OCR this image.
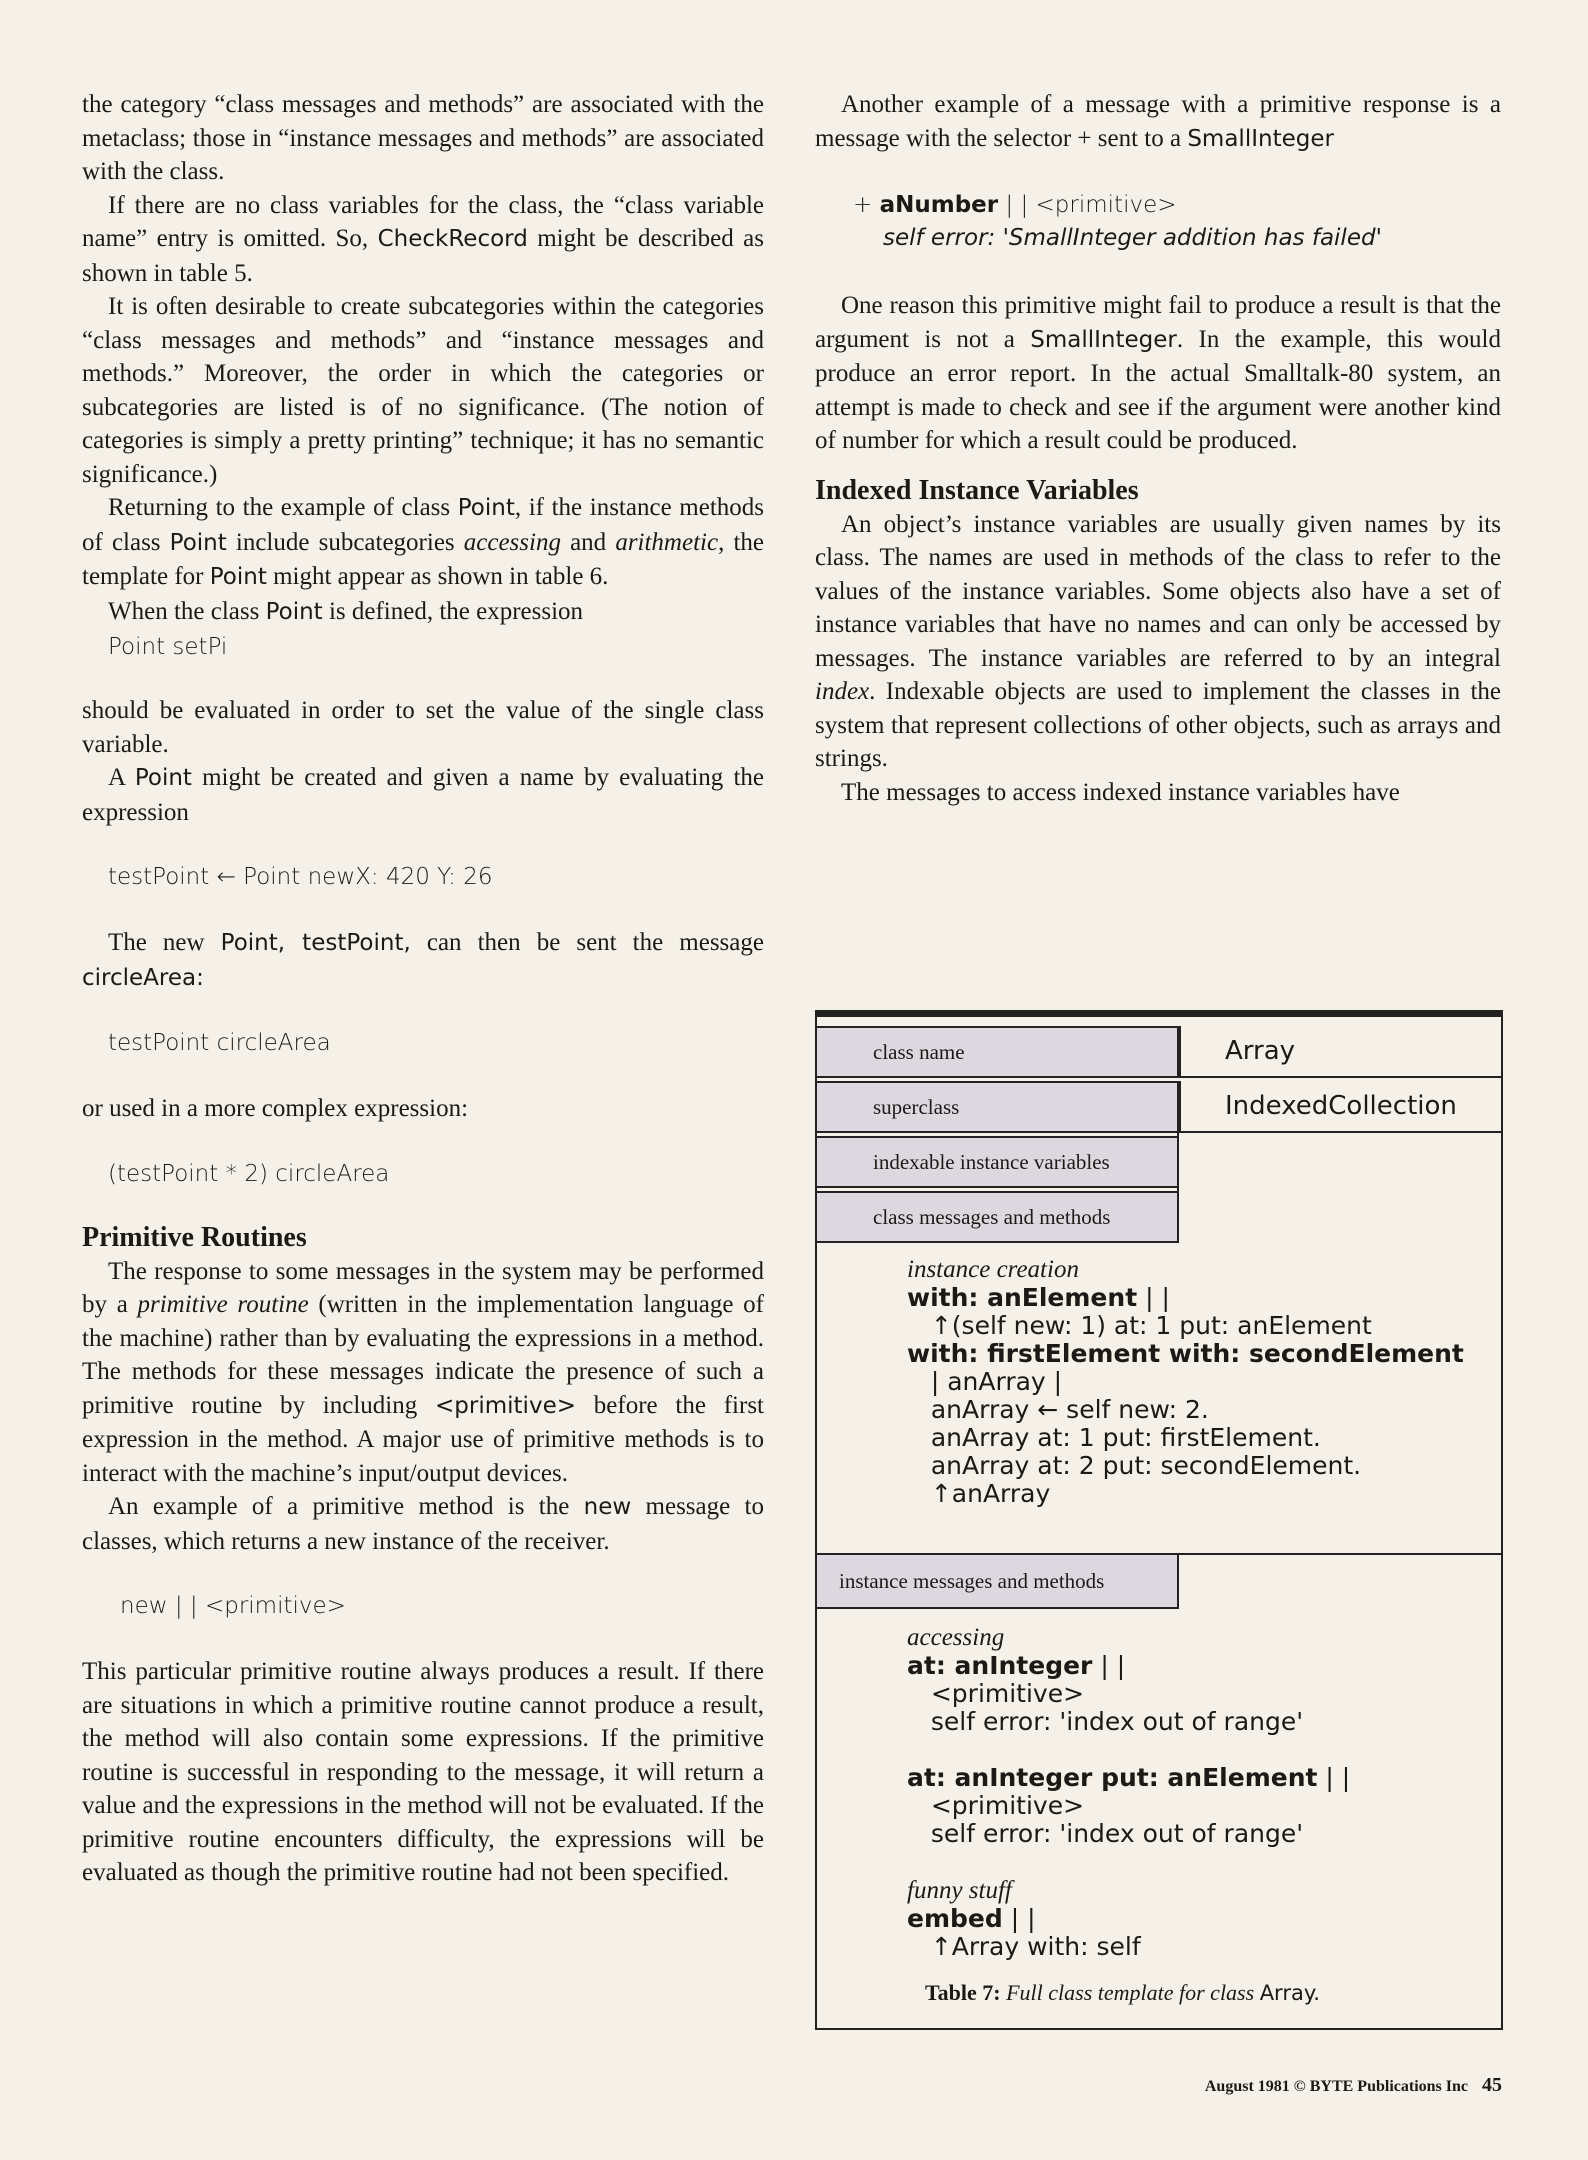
the category “class messages and methods” are associated with the metaclass; those in “instance messages and methods” are associated with the class.

If there are no class variables for the class, the “class variable name” entry is omitted. So, CheckRecord might be described as shown in table 5.

It is often desirable to create subcategories within the categories “class messages and methods” and “instance messages and methods.” Moreover, the order in which the categories or subcategories are listed is of no significance. (The notion of categories is simply a pretty printing” technique; it has no semantic significance.)

Returning to the example of class Point, if the instance methods of class Point include subcategories accessing and arithmetic, the template for Point might appear as shown in table 6.

When the class Point is defined, the expression

Point setPi

should be evaluated in order to set the value of the single class variable.

A Point might be created and given a name by evaluating the expression

testPoint ← Point newX: 420 Y: 26

The new Point, testPoint, can then be sent the message circleArea:

testPoint circleArea

or used in a more complex expression:

(testPoint * 2) circleArea
Primitive Routines

The response to some messages in the system may be performed by a primitive routine (written in the implementation language of the machine) rather than by evaluating the expressions in a method. The methods for these messages indicate the presence of such a primitive routine by including <primitive> before the first expression in the method. A major use of primitive methods is to interact with the machine’s input/output devices.

An example of a primitive method is the new message to classes, which returns a new instance of the receiver.

new | | <primitive>

This particular primitive routine always produces a result. If there are situations in which a primitive routine cannot produce a result, the method will also contain some expressions. If the primitive routine is successful in responding to the message, it will return a value and the expressions in the method will not be evaluated. If the primitive routine encounters difficulty, the expressions will be evaluated as though the primitive routine had not been specified.

Another example of a message with a primitive response is a message with the selector + sent to a SmallInteger

+ aNumber | | <primitive>
self error: 'SmallInteger addition has failed'

One reason this primitive might fail to produce a result is that the argument is not a SmallInteger. In the example, this would produce an error report. In the actual Smalltalk-80 system, an attempt is made to check and see if the argument were another kind of number for which a result could be produced.

Indexed Instance Variables

An object’s instance variables are usually given names by its class. The names are used in methods of the class to refer to the values of the instance variables. Some objects also have a set of instance variables that have no names and can only be accessed by messages. The instance variables are referred to by an integral index. Indexable objects are used to implement the classes in the system that represent collections of other objects, such as arrays and strings.

The messages to access indexed instance variables have

class name	Array
superclass	IndexedCollection
indexable instance variables
class messages and methods
instance creation
with: anElement | |
↑(self new: 1) at: 1 put: anElement
with: firstElement with: secondElement
| anArray |
anArray ← self new: 2.
anArray at: 1 put: firstElement.
anArray at: 2 put: secondElement.
↑anArray
instance messages and methods
accessing
at: anInteger | |
<primitive>
self error: 'index out of range'

at: anInteger put: anElement | |
<primitive>
self error: 'index out of range'

funny stuff
embed | |
↑Array with: self
Table 7: Full class template for class Array.
August 1981 © BYTE Publications Inc 45
